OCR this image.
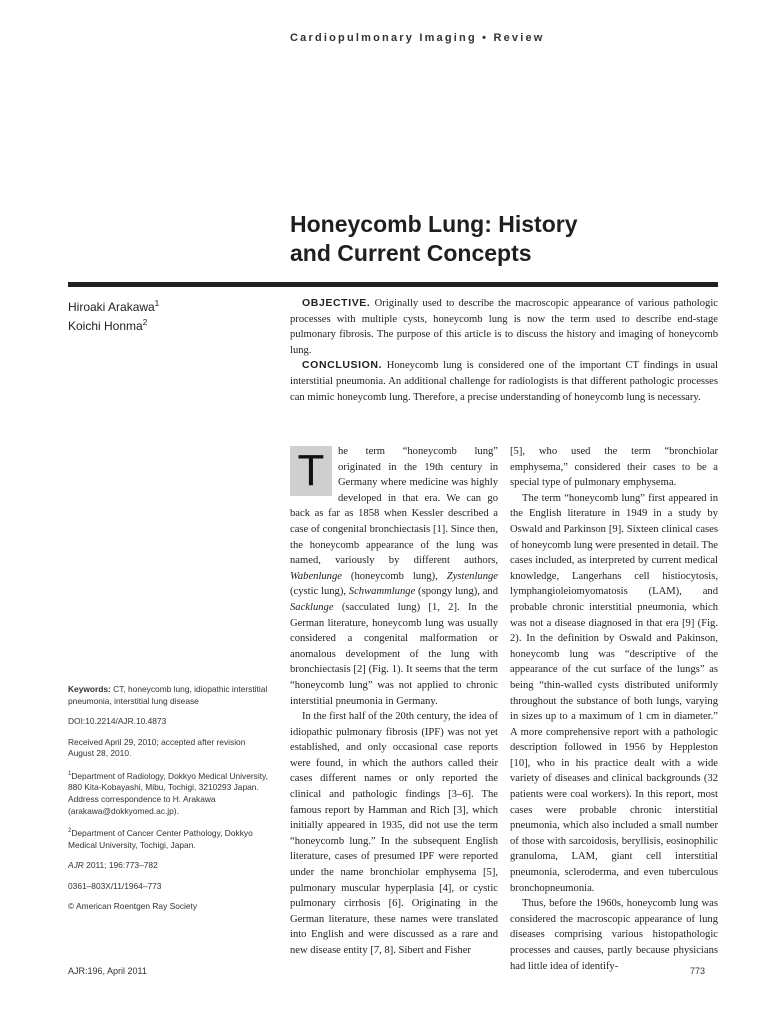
Cardiopulmonary Imaging • Review
Honeycomb Lung: History
and Current Concepts
Hiroaki Arakawa$^1$
Koichi Honma$^2$

OBJECTIVE. Originally used to describe the macroscopic appearance of various pathologic processes with multiple cysts, honeycomb lung is now the term used to describe end-stage pulmonary fibrosis. The purpose of this article is to discuss the history and imaging of honeycomb lung.

CONCLUSION. Honeycomb lung is considered one of the important CT findings in usual interstitial pneumonia. An additional challenge for radiologists is that different pathologic processes can mimic honeycomb lung. Therefore, a precise understanding of honeycomb lung is necessary.

T	he term “honeycomb lung” originated in the 19th century in Germany where medicine was highly developed in that era. We can go back as far as 1858 when Kessler described a case of congenital bronchiectasis [1]. Since then, the honeycomb appearance of the lung was named, variously by different authors, Wabenlunge (honeycomb lung), Zystenlunge (cystic lung), Schwammlunge (spongy lung), and Sacklunge (sacculated lung) [1, 2]. In the German literature, honeycomb lung was usually considered a congenital malformation or anomalous development of the lung with bronchiectasis [2] (Fig. 1). It seems that the term “honeycomb lung” was not applied to chronic interstitial pneumonia in Germany.

In the first half of the 20th century, the idea of idiopathic pulmonary fibrosis (IPF) was not yet established, and only occasional case reports were found, in which the authors called their cases different names or only reported the clinical and pathologic findings [3–6]. The famous report by Hamman and Rich [3], which initially appeared in 1935, did not use the term “honeycomb lung.” In the subsequent English literature, cases of presumed IPF were reported under the name bronchiolar emphysema [5], pulmonary muscular hyperplasia [4], or cystic pulmonary cirrhosis [6]. Originating in the German literature, these names were translated into English and were discussed as a rare and new disease entity [7, 8]. Sibert and Fisher

[5], who used the term “bronchiolar emphysema,” considered their cases to be a special type of pulmonary emphysema.

The term “honeycomb lung” first appeared in the English literature in 1949 in a study by Oswald and Parkinson [9]. Sixteen clinical cases of honeycomb lung were presented in detail. The cases included, as interpreted by current medical knowledge, Langerhans cell histiocytosis, lymphangioleiomyomatosis (LAM), and probable chronic interstitial pneumonia, which was not a disease diagnosed in that era [9] (Fig. 2). In the definition by Oswald and Pakinson, honeycomb lung was “descriptive of the appearance of the cut surface of the lungs” as being “thin-walled cysts distributed uniformly throughout the substance of both lungs, varying in sizes up to a maximum of 1 cm in diameter.” A more comprehensive report with a pathologic description followed in 1956 by Heppleston [10], who in his practice dealt with a wide variety of diseases and clinical backgrounds (32 patients were coal workers). In this report, most cases were probable chronic interstitial pneumonia, which also included a small number of those with sarcoidosis, beryllisis, eosinophilic granuloma, LAM, giant cell interstitial pneumonia, scleroderma, and even tuberculous bronchopneumonia.

Thus, before the 1960s, honeycomb lung was considered the macroscopic appearance of lung diseases comprising various histopathologic processes and causes, partly because physicians had little idea of identify-

Keywords: CT, honeycomb lung, idiopathic interstitial pneumonia, interstitial lung disease

DOI:10.2214/AJR.10.4873

Received April 29, 2010; accepted after revision August 28, 2010.

$^1$Department of Radiology, Dokkyo Medical University, 880 Kita-Kobayashi, Mibu, Tochigi, 3210293 Japan. Address correspondence to H. Arakawa (arakawa@dokkyomed.ac.jp).

$^2$Department of Cancer Center Pathology, Dokkyo Medical University, Tochigi, Japan.

AJR 2011; 196:773–782

0361–803X/11/1964–773

© American Roentgen Ray Society

AJR:196, April 2011	773
